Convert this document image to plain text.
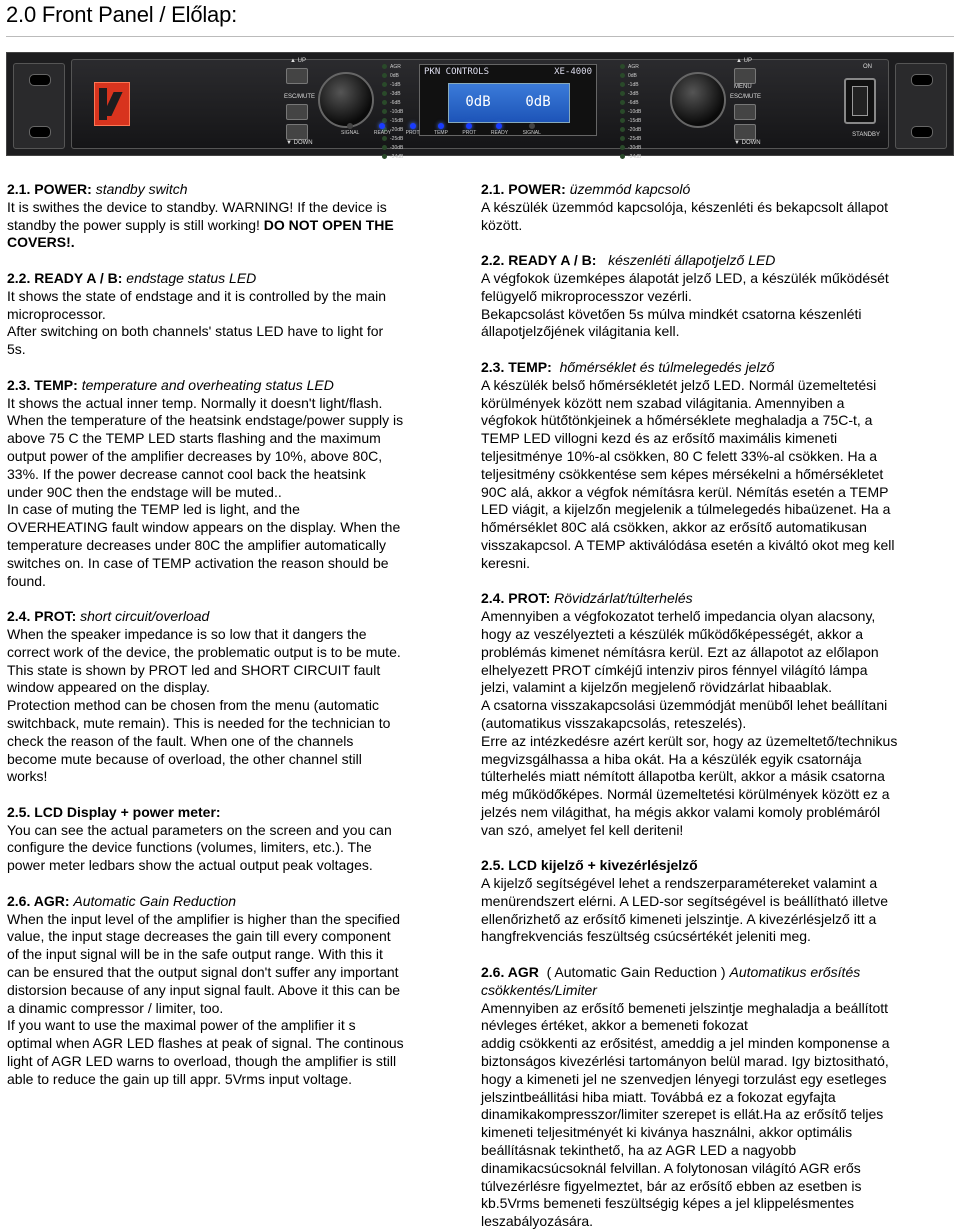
2.0 Front Panel / Előlap:
▲ UP
ESC/MUTE
▼ DOWN
AGR
0dB
-1dB
-3dB
-6dB
-10dB
-15dB
-20dB
-25dB
-30dB
-34dB
PKN CONTROLS	XE-4000
0dB	0dB
AGR
0dB
-1dB
-3dB
-6dB
-10dB
-15dB
-20dB
-25dB
-30dB
-34dB
▲ UP
MENU
ESC/MUTE
▼ DOWN
ON
STANDBY
SIGNAL	READY	PROT	TEMP	PROT	READY	SIGNAL

2.1. POWER: standby switch

It is swithes the device to standby. WARNING! If the device is

standby the power supply is still working! DO NOT OPEN THE

COVERS!.

2.2. READY A / B: endstage status LED

It shows the state of endstage and it is controlled by the main

microprocessor.

After switching on both channels' status LED have to light for

5s.

2.3. TEMP: temperature and overheating status LED

It shows the actual inner temp. Normally it doesn't light/flash.

When the temperature of the heatsink endstage/power supply is

above 75 C the TEMP LED starts flashing and the maximum

output power of the amplifier decreases by 10%, above 80C,

33%. If the power decrease cannot cool back the heatsink

under 90C then the endstage will be muted..

In case of muting the TEMP led is light, and the

OVERHEATING fault window appears on the display. When the

temperature decreases under 80C the amplifier automatically

switches on. In case of TEMP activation the reason should be

found.

2.4. PROT: short circuit/overload

When the speaker impedance is so low that it dangers the

correct work of the device, the problematic output is to be mute.

This state is shown by PROT led and SHORT CIRCUIT fault

window appeared on the display.

Protection method can be chosen from the menu (automatic

switchback, mute remain). This is needed for the technician to

check the reason of the fault. When one of the channels

become mute because of overload, the other channel still

works!

2.5. LCD Display + power meter:

You can see the actual parameters on the screen and you can

configure the device functions (volumes, limiters, etc.). The

power meter ledbars show the actual output peak voltages.

2.6. AGR: Automatic Gain Reduction

When the input level of the amplifier is higher than the specified

value, the input stage decreases the gain till every component

of the input signal will be in the safe output range. With this it

can be ensured that the output signal don't suffer any important

distorsion because of any input signal fault. Above it this can be

a dinamic compressor / limiter, too.

If you want to use the maximal power of the amplifier it s

optimal when AGR LED flashes at peak of signal. The continous

light of AGR LED warns to overload, though the amplifier is still

able to reduce the gain up till appr. 5Vrms input voltage.

2.1. POWER: üzemmód kapcsoló

A készülék üzemmód kapcsolója, készenléti és bekapcsolt állapot

között.

2.2. READY A / B:   készenléti állapotjelző LED

A végfokok üzemképes álapotát jelző LED, a készülék működését

felügyelő mikroprocesszor vezérli.

Bekapcsolást követően 5s múlva mindkét csatorna készenléti

állapotjelzőjének világitania kell.

2.3. TEMP:  hőmérséklet és túlmelegedés jelző

A készülék belső hőmérsékletét jelző LED. Normál üzemeltetési

körülmények között nem szabad világitania. Amennyiben a

végfokok hütőtönkjeinek a hőmérséklete meghaladja a 75C-t, a

TEMP LED villogni kezd és az erősítő maximális kimeneti

teljesitménye 10%-al csökken, 80 C felett 33%-al csökken. Ha a

teljesitmény csökkentése sem képes mérsékelni a hőmérsékletet

90C alá, akkor a végfok némításra kerül. Némítás esetén a TEMP

LED viágit, a kijelzőn megjelenik a túlmelegedés hibaüzenet. Ha a

hőmérséklet 80C alá csökken, akkor az erősítő automatikusan

visszakapcsol. A TEMP aktiválódása esetén a kiváltó okot meg kell

keresni.

2.4. PROT: Rövidzárlat/túlterhelés

Amennyiben a végfokozatot terhelő impedancia olyan alacsony,

hogy az veszélyezteti a készülék működőképességét, akkor a

problémás kimenet némításra kerül. Ezt az állapotot az előlapon

elhelyezett PROT címkéjű intenziv piros fénnyel világító lámpa

jelzi, valamint a kijelzőn megjelenő rövidzárlat hibaablak.

A csatorna visszakapcsolási üzemmódját menüből lehet beállítani

(automatikus visszakapcsolás, reteszelés).

Erre az intézkedésre azért került sor, hogy az üzemeltető/technikus

megvizsgálhassa a hiba okát. Ha a készülék egyik csatornája

túlterhelés miatt némított állapotba került, akkor a másik csatorna

még működőképes. Normál üzemeltetési körülmények között ez a

jelzés nem világithat, ha mégis akkor valami komoly problémáról

van szó, amelyet fel kell deriteni!

2.5. LCD kijelző + kivezérlésjelző

A kijelző segítségével lehet a rendszerparamétereket valamint a

menürendszert elérni. A LED-sor segítségével is beállítható illetve

ellenőrizhető az erősítő kimeneti jelszintje. A kivezérlésjelző itt a

hangfrekvenciás feszültség csúcsértékét jeleniti meg.

2.6. AGR  ( Automatic Gain Reduction ) Automatikus erősítés

csökkentés/Limiter

Amennyiben az erősítő bemeneti jelszintje meghaladja a beállított

névleges értéket, akkor a bemeneti fokozat

addig csökkenti az erősitést, ameddig a jel minden komponense a

biztonságos kivezérlési tartományon belül marad. Igy biztositható,

hogy a kimeneti jel ne szenvedjen lényegi torzulást egy esetleges

jelszintbeállitási hiba miatt. Továbbá ez a fokozat egyfajta

dinamikakompresszor/limiter szerepet is ellát.Ha az erősítő teljes

kimeneti teljesitményét ki kiványa használni, akkor optimális

beállításnak tekinthető, ha az AGR LED a nagyobb

dinamikacsúcsoknál felvillan. A folytonosan világító AGR erős

túlvezérlésre figyelmeztet, bár az erősítő ebben az esetben is

kb.5Vrms bemeneti feszültségig képes a jel klippelésmentes

leszabályozására.
